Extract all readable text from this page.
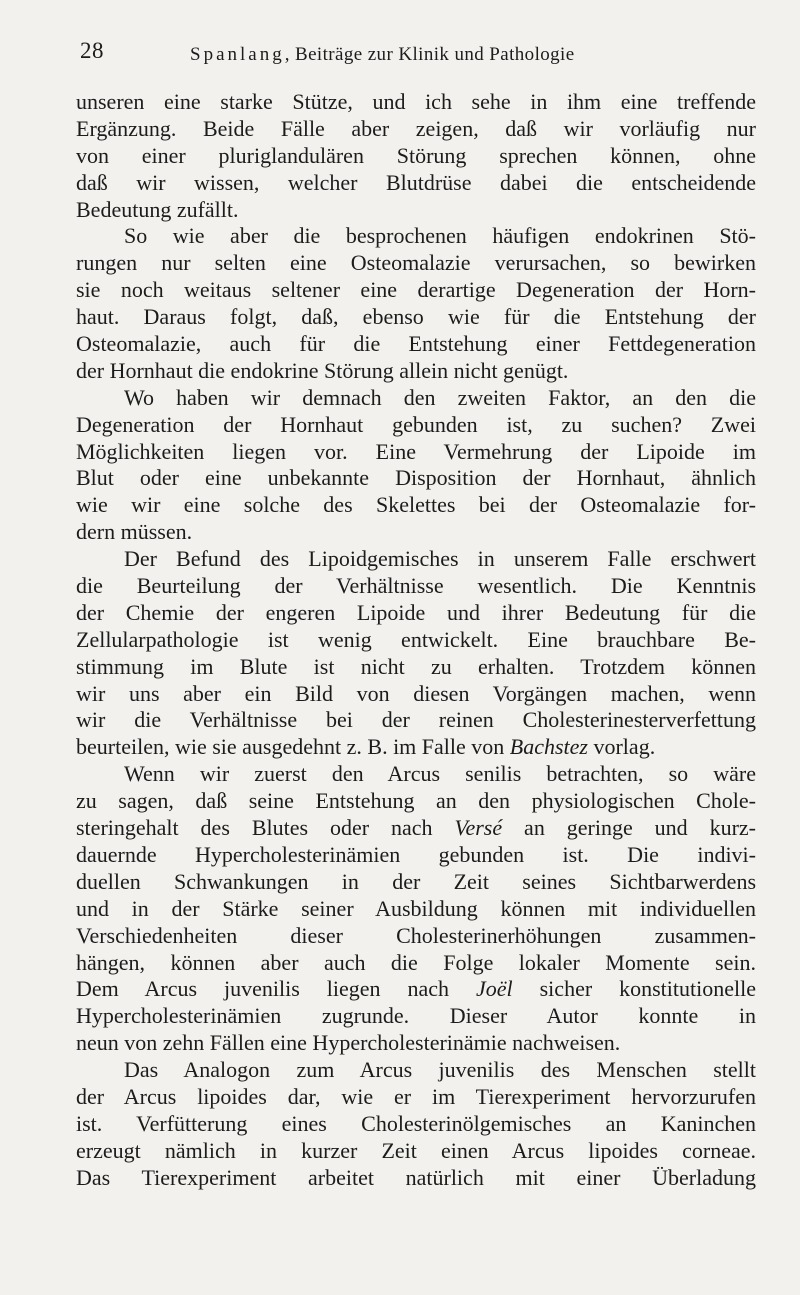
28	Spanlang, Beiträge zur Klinik und Pathologie
unseren eine starke Stütze, und ich sehe in ihm eine treffende
Ergänzung. Beide Fälle aber zeigen, daß wir vorläufig nur
von einer pluriglandulären Störung sprechen können, ohne
daß wir wissen, welcher Blutdrüse dabei die entscheidende
Bedeutung zufällt.
So wie aber die besprochenen häufigen endokrinen Stö-
rungen nur selten eine Osteomalazie verursachen, so bewirken
sie noch weitaus seltener eine derartige Degeneration der Horn-
haut. Daraus folgt, daß, ebenso wie für die Entstehung der
Osteomalazie, auch für die Entstehung einer Fettdegeneration
der Hornhaut die endokrine Störung allein nicht genügt.
Wo haben wir demnach den zweiten Faktor, an den die
Degeneration der Hornhaut gebunden ist, zu suchen? Zwei
Möglichkeiten liegen vor. Eine Vermehrung der Lipoide im
Blut oder eine unbekannte Disposition der Hornhaut, ähnlich
wie wir eine solche des Skelettes bei der Osteomalazie for-
dern müssen.
Der Befund des Lipoidgemisches in unserem Falle erschwert
die Beurteilung der Verhältnisse wesentlich. Die Kenntnis
der Chemie der engeren Lipoide und ihrer Bedeutung für die
Zellularpathologie ist wenig entwickelt. Eine brauchbare Be-
stimmung im Blute ist nicht zu erhalten. Trotzdem können
wir uns aber ein Bild von diesen Vorgängen machen, wenn
wir die Verhältnisse bei der reinen Cholesterinesterverfettung
beurteilen, wie sie ausgedehnt z. B. im Falle von Bachstez vorlag.
Wenn wir zuerst den Arcus senilis betrachten, so wäre
zu sagen, daß seine Entstehung an den physiologischen Chole-
steringehalt des Blutes oder nach Versé an geringe und kurz-
dauernde Hypercholesterinämien gebunden ist. Die indivi-
duellen Schwankungen in der Zeit seines Sichtbarwerdens
und in der Stärke seiner Ausbildung können mit individuellen
Verschiedenheiten dieser Cholesterinerhöhungen zusammen-
hängen, können aber auch die Folge lokaler Momente sein.
Dem Arcus juvenilis liegen nach Joël sicher konstitutionelle
Hypercholesterinämien zugrunde. Dieser Autor konnte in
neun von zehn Fällen eine Hypercholesterinämie nachweisen.
Das Analogon zum Arcus juvenilis des Menschen stellt
der Arcus lipoides dar, wie er im Tierexperiment hervorzurufen
ist. Verfütterung eines Cholesterinölgemisches an Kaninchen
erzeugt nämlich in kurzer Zeit einen Arcus lipoides corneae.
Das Tierexperiment arbeitet natürlich mit einer Überladung
